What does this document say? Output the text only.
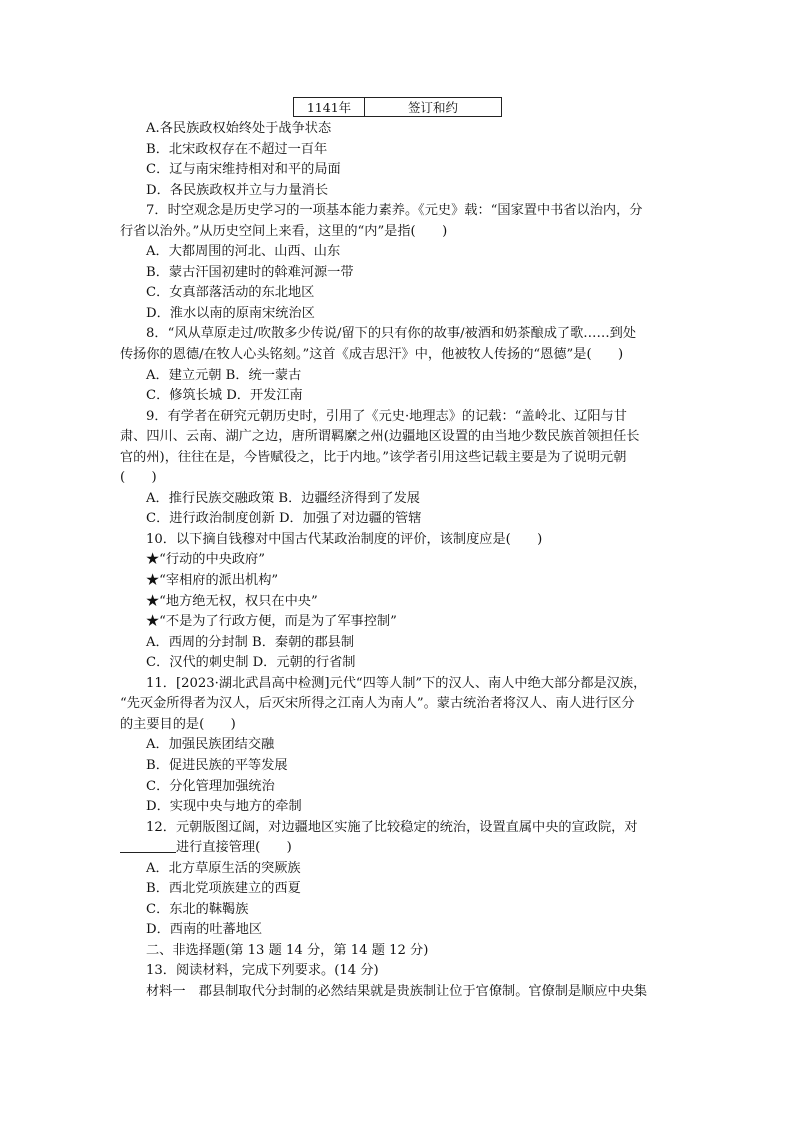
1141年	签订和约
A.各民族政权始终处于战争状态
B．北宋政权存在不超过一百年
C．辽与南宋维持相对和平的局面
D．各民族政权并立与力量消长
7．时空观念是历史学习的一项基本能力素养。《元史》载：“国家置中书省以治内，分
行省以治外。”从历史空间上来看，这里的“内”是指(　　)
A．大都周围的河北、山西、山东
B．蒙古汗国初建时的斡难河源一带
C．女真部落活动的东北地区
D．淮水以南的原南宋统治区
8．“风从草原走过/吹散多少传说/留下的只有你的故事/被酒和奶茶酿成了歌……到处
传扬你的恩德/在牧人心头铭刻。”这首《成吉思汗》中，他被牧人传扬的“恩德”是(　　)
A．建立元朝 B．统一蒙古
C．修筑长城 D．开发江南
9．有学者在研究元朝历史时，引用了《元史·地理志》的记载：“盖岭北、辽阳与甘
肃、四川、云南、湖广之边，唐所谓羁縻之州(边疆地区设置的由当地少数民族首领担任长
官的州)，往往在是，今皆赋役之，比于内地。”该学者引用这些记载主要是为了说明元朝
(　　)
A．推行民族交融政策 B．边疆经济得到了发展
C．进行政治制度创新 D．加强了对边疆的管辖
10．以下摘自钱穆对中国古代某政治制度的评价，该制度应是(　　)
★“行动的中央政府”
★“宰相府的派出机构”
★“地方绝无权，权只在中央”
★“不是为了行政方便，而是为了军事控制”
A．西周的分封制 B．秦朝的郡县制
C．汉代的刺史制 D．元朝的行省制
11．[2023·湖北武昌高中检测]元代“四等人制”下的汉人、南人中绝大部分都是汉族，
“先灭金所得者为汉人，后灭宋所得之江南人为南人”。蒙古统治者将汉人、南人进行区分
的主要目的是(　　)
A．加强民族团结交融
B．促进民族的平等发展
C．分化管理加强统治
D．实现中央与地方的牵制
12．元朝版图辽阔，对边疆地区实施了比较稳定的统治，设置直属中央的宣政院，对
进行直接管理(　　)
A．北方草原生活的突厥族
B．西北党项族建立的西夏
C．东北的靺鞨族
D．西南的吐蕃地区
二、非选择题(第 13 题 14 分，第 14 题 12 分)
13．阅读材料，完成下列要求。(14 分)
材料一　郡县制取代分封制的必然结果就是贵族制让位于官僚制。官僚制是顺应中央集
